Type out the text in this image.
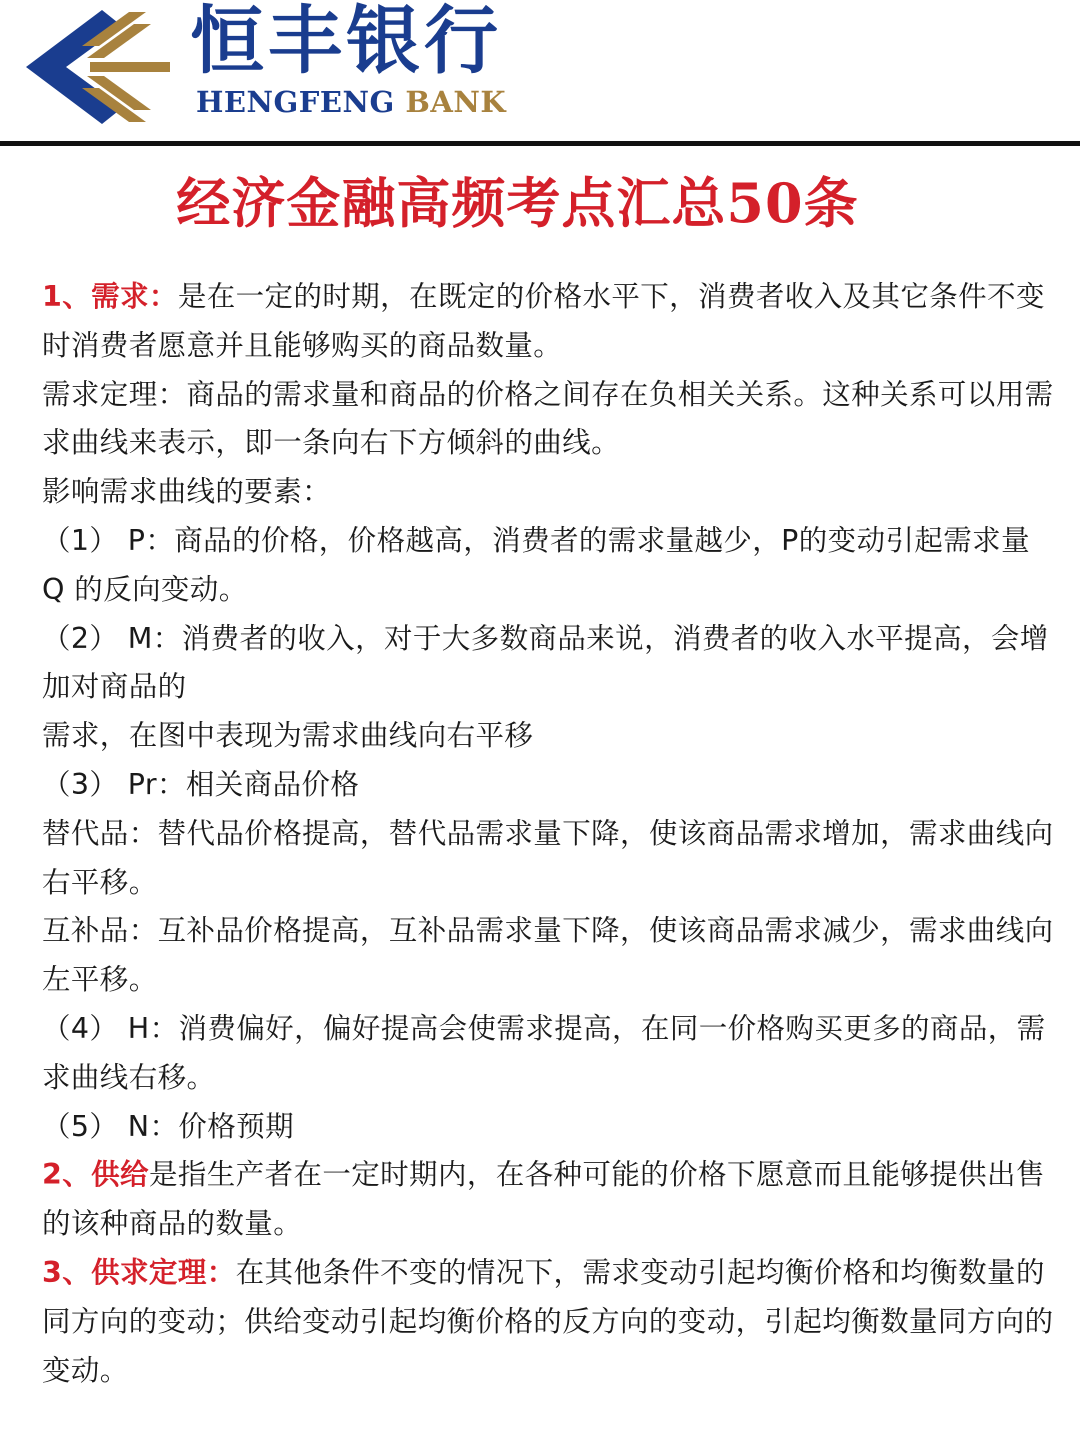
恒丰银行
HENGFENG BANK
经济金融高频考点汇总50条

1、需求：是在一定的时期，在既定的价格水平下，消费者收入及其它条件不变时消费者愿意并且能够购买的商品数量。

需求定理：商品的需求量和商品的价格之间存在负相关关系。这种关系可以用需求曲线来表示，即一条向右下方倾斜的曲线。

影响需求曲线的要素：

（1） P：商品的价格，价格越高，消费者的需求量越少，P的变动引起需求量 Q 的反向变动。

（2） M：消费者的收入，对于大多数商品来说，消费者的收入水平提高，会增加对商品的

需求，在图中表现为需求曲线向右平移

（3） Pr：相关商品价格

替代品：替代品价格提高，替代品需求量下降，使该商品需求增加，需求曲线向右平移。

互补品：互补品价格提高，互补品需求量下降，使该商品需求减少，需求曲线向左平移。

（4） H：消费偏好，偏好提高会使需求提高，在同一价格购买更多的商品，需求曲线右移。

（5） N：价格预期

2、供给是指生产者在一定时期内，在各种可能的价格下愿意而且能够提供出售的该种商品的数量。

3、供求定理：在其他条件不变的情况下，需求变动引起均衡价格和均衡数量的同方向的变动；供给变动引起均衡价格的反方向的变动，引起均衡数量同方向的变动。
